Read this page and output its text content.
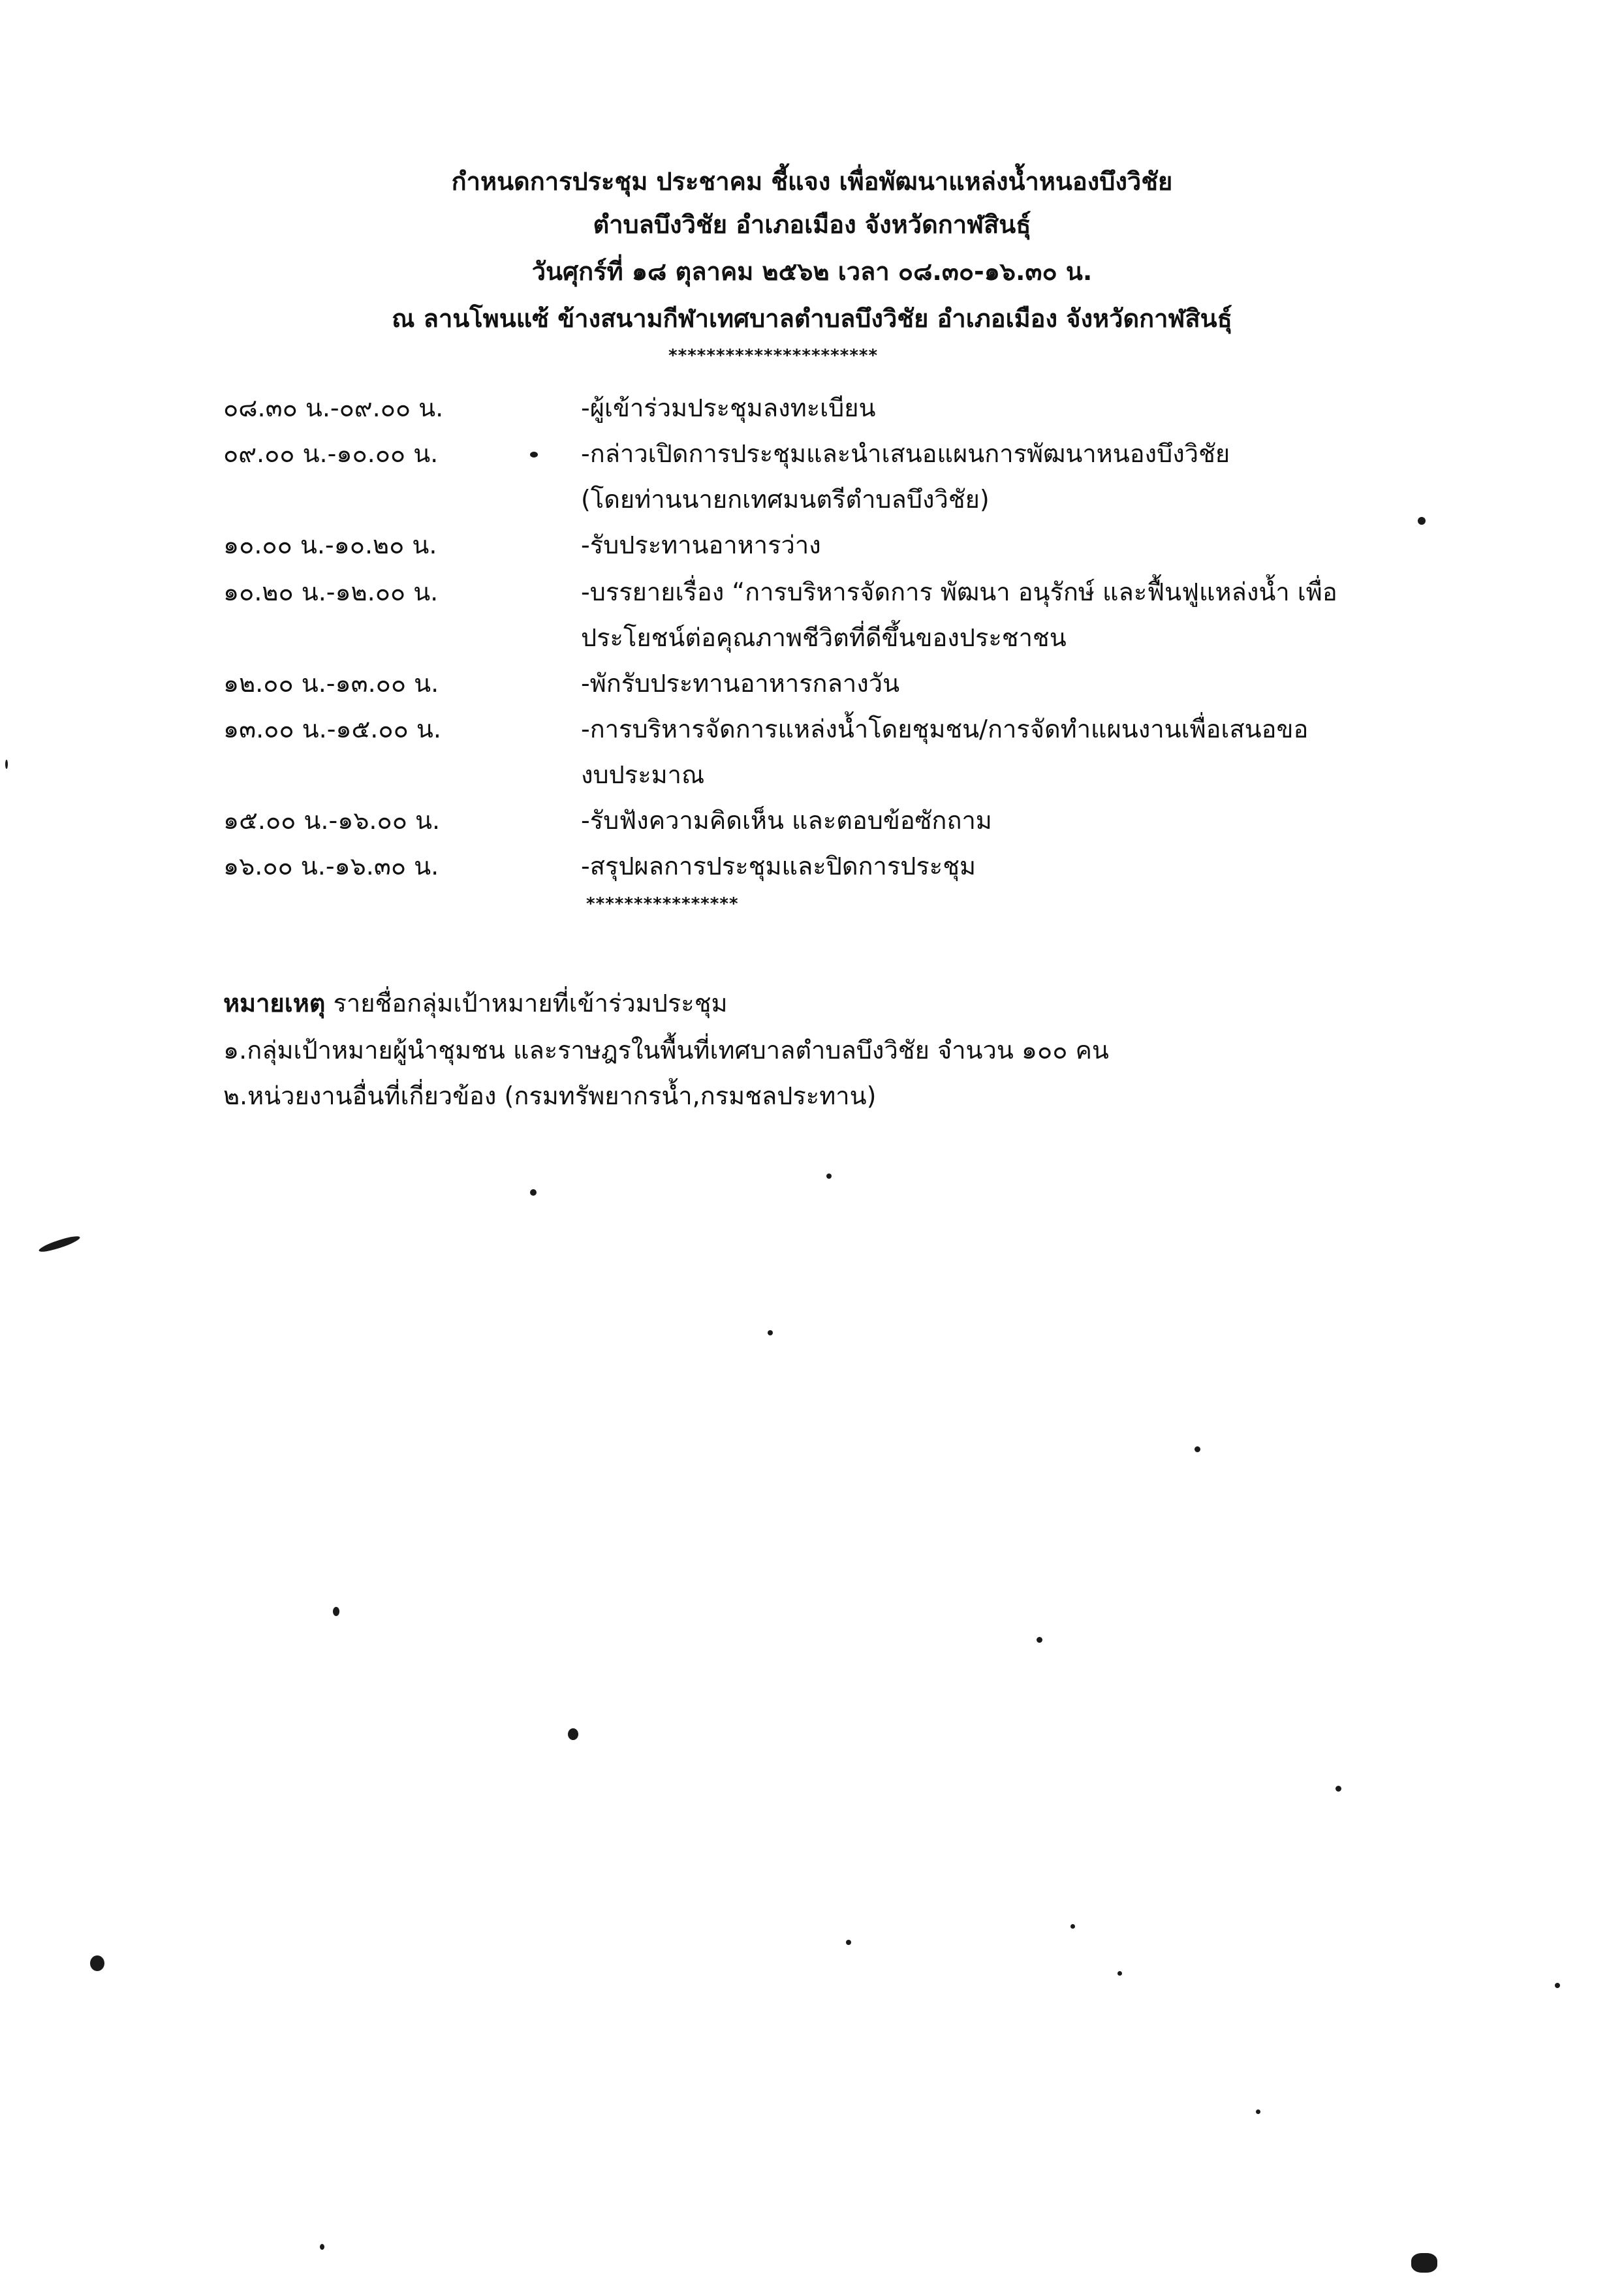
กำหนดการประชุม ประชาคม ชี้แจง เพื่อพัฒนาแหล่งน้ำหนองบึงวิชัย
ตำบลบึงวิชัย อำเภอเมือง จังหวัดกาฬสินธุ์
วันศุกร์ที่ ๑๘ ตุลาคม ๒๕๖๒ เวลา ๐๘.๓๐-๑๖.๓๐ น.
ณ ลานโพนแซ้ ข้างสนามกีฬาเทศบาลตำบลบึงวิชัย อำเภอเมือง จังหวัดกาฬสินธุ์
**********************
๐๘.๓๐ น.-๐๙.๐๐ น.	-ผู้เข้าร่วมประชุมลงทะเบียน
๐๙.๐๐ น.-๑๐.๐๐ น.	-กล่าวเปิดการประชุมและนำเสนอแผนการพัฒนาหนองบึงวิชัย
(โดยท่านนายกเทศมนตรีตำบลบึงวิชัย)
๑๐.๐๐ น.-๑๐.๒๐ น.	-รับประทานอาหารว่าง
๑๐.๒๐ น.-๑๒.๐๐ น.	-บรรยายเรื่อง “การบริหารจัดการ พัฒนา อนุรักษ์ และฟื้นฟูแหล่งน้ำ เพื่อ
ประโยชน์ต่อคุณภาพชีวิตที่ดีขึ้นของประชาชน
๑๒.๐๐ น.-๑๓.๐๐ น.	-พักรับประทานอาหารกลางวัน
๑๓.๐๐ น.-๑๕.๐๐ น.	-การบริหารจัดการแหล่งน้ำโดยชุมชน/การจัดทำแผนงานเพื่อเสนอขอ
งบประมาณ
๑๕.๐๐ น.-๑๖.๐๐ น.	-รับฟังความคิดเห็น และตอบข้อซักถาม
๑๖.๐๐ น.-๑๖.๓๐ น.	-สรุปผลการประชุมและปิดการประชุม
****************
หมายเหตุ รายชื่อกลุ่มเป้าหมายที่เข้าร่วมประชุม
๑.กลุ่มเป้าหมายผู้นำชุมชน และราษฎรในพื้นที่เทศบาลตำบลบึงวิชัย จำนวน ๑๐๐ คน
๒.หน่วยงานอื่นที่เกี่ยวข้อง (กรมทรัพยากรน้ำ,กรมชลประทาน)
